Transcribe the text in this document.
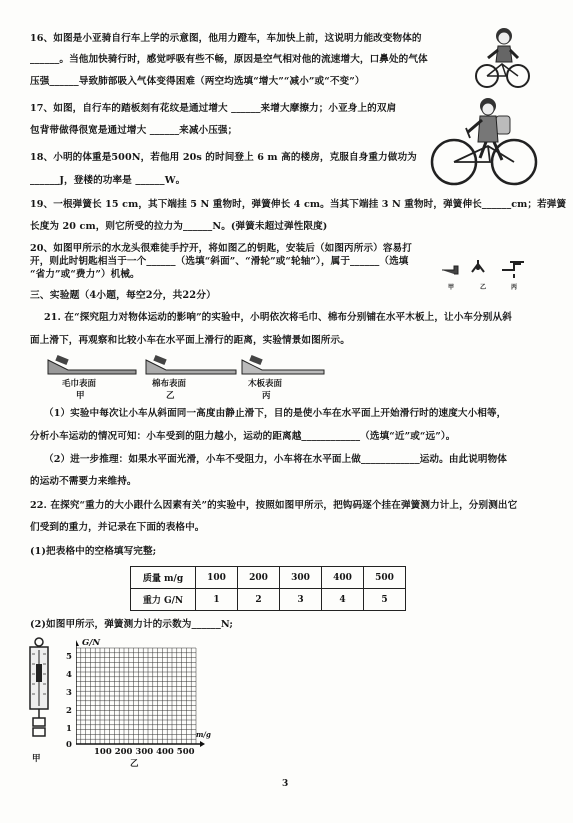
16、如图是小亚骑自行车上学的示意图，他用力蹬车，车加快上前，这说明力能改变物体的
______。当他加快骑行时，感觉呼吸有些不畅，原因是空气相对他的流速增大，口鼻处的气体
压强______导致肺部吸入气体变得困难（两空均选填“增大”“减小”或“不变”）
17、如图，自行车的踏板刻有花纹是通过增大 ______来增大摩擦力；小亚身上的双肩
包背带做得很宽是通过增大 ______来减小压强；
18、小明的体重是500N，若他用 20s 的时间登上 6 m 高的楼房，克服自身重力做功为
______J，登楼的功率是 ______W。
19、一根弹簧长 15 cm，其下端挂 5 N 重物时，弹簧伸长 4 cm。当其下端挂 3 N 重物时，弹簧伸长______cm；若弹簧
长度为 20 cm，则它所受的拉力为______N。(弹簧未超过弹性限度)
20、如图甲所示的水龙头很难徒手拧开，将如图乙的钥匙，安装后（如图丙所示）容易打
开，则此时钥匙相当于一个______（选填“斜面”、“滑轮”或“轮轴”），属于______（选填
“省力”或“费力”）机械。
甲	乙	丙
三、实验题（4小题，每空2分，共22分）
21. 在“探究阻力对物体运动的影响”的实验中，小明依次将毛巾、棉布分别铺在水平木板上，让小车分别从斜
面上滑下，再观察和比较小车在水平面上滑行的距离，实验情景如图所示。
毛巾表面
甲
棉布表面
乙
木板表面
丙
（1）实验中每次让小车从斜面同一高度由静止滑下，目的是使小车在水平面上开始滑行时的速度大小相等，
分析小车运动的情况可知：小车受到的阻力越小，运动的距离越____________（选填“近”或“远”）。
（2）进一步推理：如果水平面光滑，小车不受阻力，小车将在水平面上做____________运动。由此说明物体
的运动不需要力来维持。
22. 在探究“重力的大小跟什么因素有关”的实验中，按照如图甲所示，把钩码逐个挂在弹簧测力计上，分别测出它
们受到的重力，并记录在下面的表格中。
(1)把表格中的空格填写完整;
质量 m/g	100	200	300	400	500
重力 G/N	1	2	3	4	5
(2)如图甲所示，弹簧测力计的示数为______N;
甲
G/N
5
4
3
2
1
0
m/g
100 200 300 400 500
乙
3
